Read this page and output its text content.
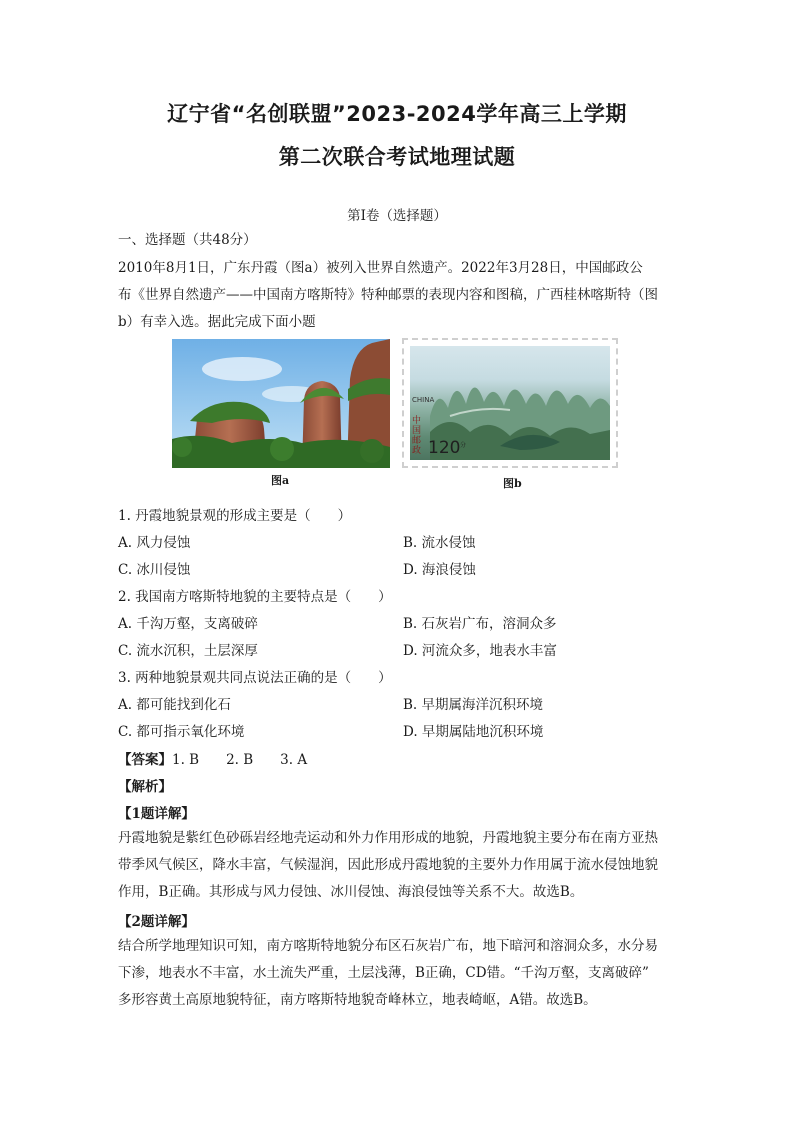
辽宁省“名创联盟”2023-2024学年高三上学期
第二次联合考试地理试题
第Ⅰ卷（选择题）
一、选择题（共48分）
2010年8月1日，广东丹霞（图a）被列入世界自然遗产。2022年3月28日，中国邮政公
布《世界自然遗产——中国南方喀斯特》特种邮票的表现内容和图稿，广西桂林喀斯特（图
b）有幸入选。据此完成下面小题
图a
CHINA
中国邮政 120 分
图b
1. 丹霞地貌景观的形成主要是（　　）
A. 风力侵蚀	B. 流水侵蚀
C. 冰川侵蚀	D. 海浪侵蚀
2. 我国南方喀斯特地貌的主要特点是（　　）
A. 千沟万壑，支离破碎	B. 石灰岩广布，溶洞众多
C. 流水沉积，土层深厚	D. 河流众多，地表水丰富
3. 两种地貌景观共同点说法正确的是（　　）
A. 都可能找到化石	B. 早期属海洋沉积环境
C. 都可指示氧化环境	D. 早期属陆地沉积环境
【答案】1. B　　2. B　　3. A
【解析】
【1题详解】
丹霞地貌是紫红色砂砾岩经地壳运动和外力作用形成的地貌，丹霞地貌主要分布在南方亚热
带季风气候区，降水丰富，气候湿润，因此形成丹霞地貌的主要外力作用属于流水侵蚀地貌
作用，B正确。其形成与风力侵蚀、冰川侵蚀、海浪侵蚀等关系不大。故选B。
【2题详解】
结合所学地理知识可知，南方喀斯特地貌分布区石灰岩广布，地下暗河和溶洞众多，水分易
下渗，地表水不丰富，水土流失严重，土层浅薄，B正确，CD错。“千沟万壑，支离破碎”
多形容黄土高原地貌特征，南方喀斯特地貌奇峰林立，地表崎岖，A错。故选B。
